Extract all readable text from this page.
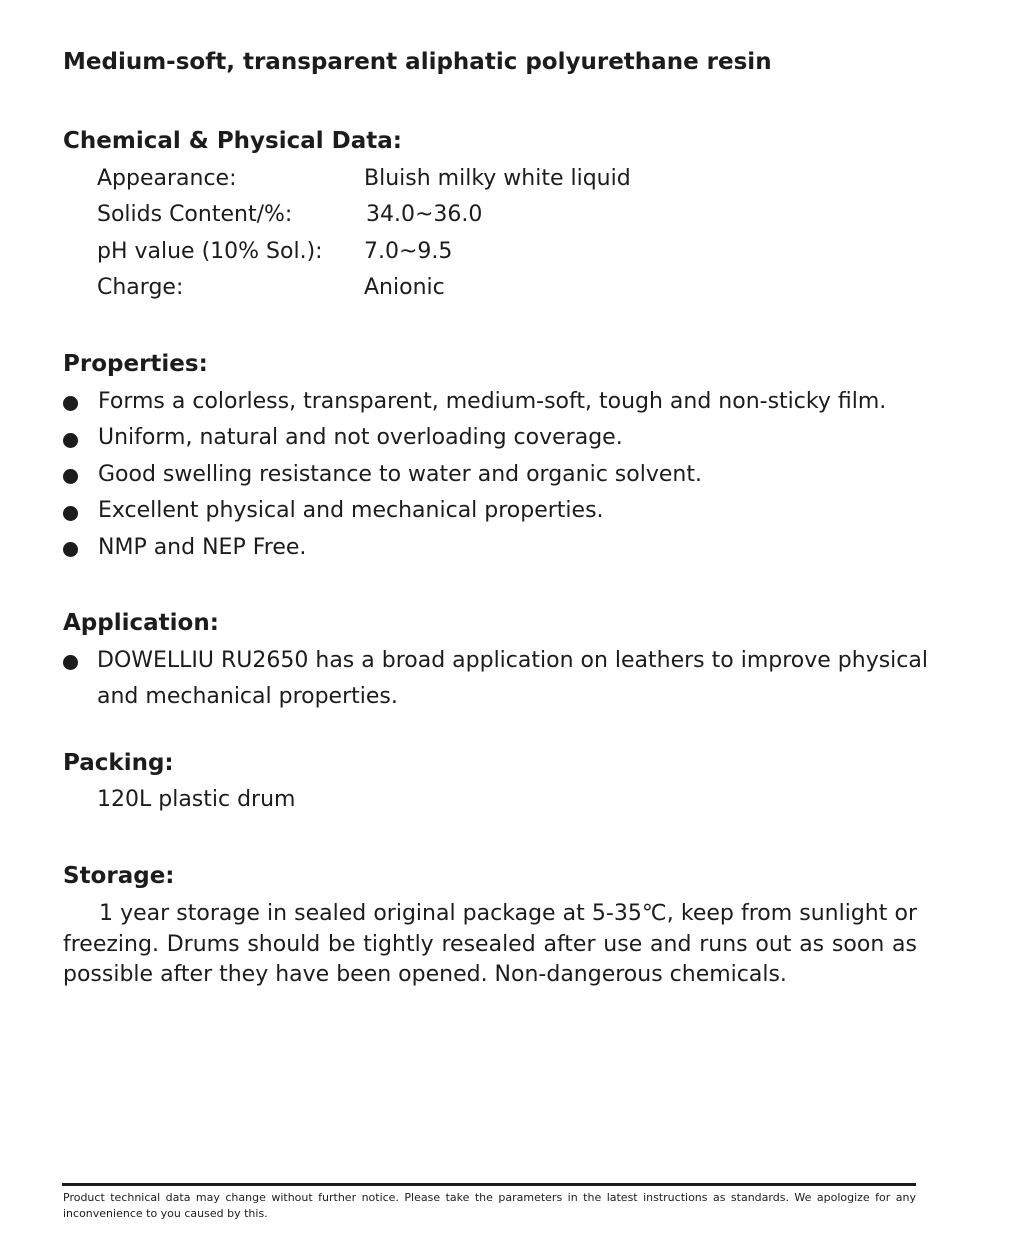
Medium-soft, transparent aliphatic polyurethane resin
Chemical & Physical Data:
Appearance:	Bluish milky white liquid
Solids Content/%:	34.0~36.0
pH value (10% Sol.): 7.0~9.5
Charge:	Anionic
Properties:
Forms a colorless, transparent, medium-soft, tough and non-sticky film.
Uniform, natural and not overloading coverage.
Good swelling resistance to water and organic solvent.
Excellent physical and mechanical properties.
NMP and NEP Free.
Application:
DOWELLIU RU2650 has a broad application on leathers to improve physical
and mechanical properties.
Packing:
120L plastic drum
Storage:
1 year storage in sealed original package at 5-35℃, keep from sunlight or freezing. Drums should be tightly resealed after use and runs out as soon as possible after they have been opened. Non-dangerous chemicals.
Product technical data may change without further notice. Please take the parameters in the latest instructions as standards. We apologize for any inconvenience to you caused by this.
